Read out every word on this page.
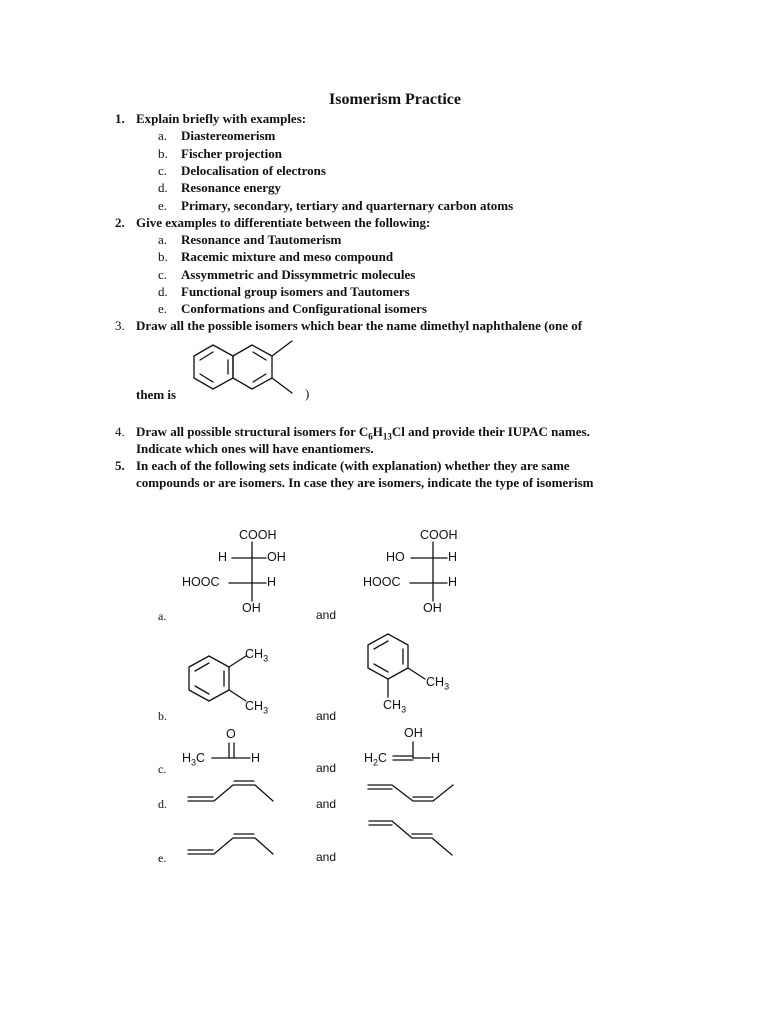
Isomerism Practice
1. Explain briefly with examples:
a. Diastereomerism
b. Fischer projection
c. Delocalisation of electrons
d. Resonance energy
e. Primary, secondary, tertiary and quarternary carbon atoms
2. Give examples to differentiate between the following:
a. Resonance and Tautomerism
b. Racemic mixture and meso compound
c. Assymmetric and Dissymmetric molecules
d. Functional group isomers and Tautomers
e. Conformations and Configurational isomers
3. Draw all the possible isomers which bear the name dimethyl naphthalene (one of
them is	)
4. Draw all possible structural isomers for $C_6H_{13}Cl$ and provide their IUPAC names.
Indicate which ones will have enantiomers.
5. In each of the following sets indicate (with explanation) whether they are same
compounds or are isomers. In case they are isomers, indicate the type of isomerism
COOH
H	OH
HOOC	H
OH
COOH
HO	H
HOOC	H
OH
a.	and
$CH_3$
$CH_3$
$CH_3$
$CH_3$
b.	and
O
$H_3C$	H
OH
$H_2C$	H
c.	and
d.	and
e.	and
